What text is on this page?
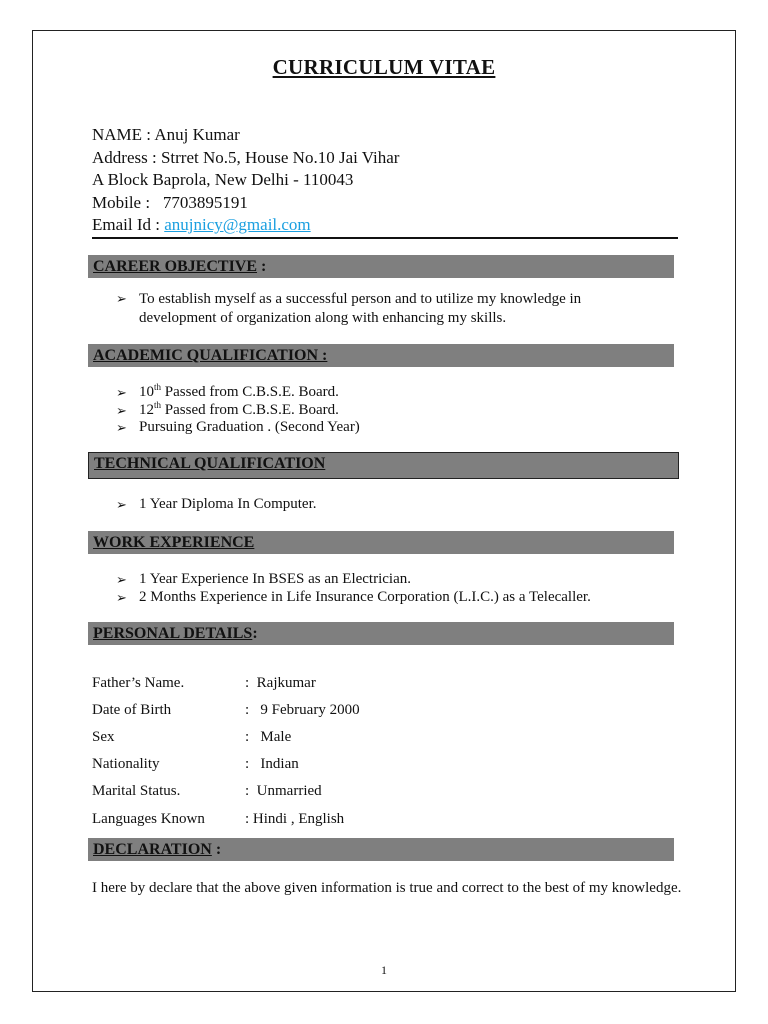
CURRICULUM VITAE
NAME : Anuj Kumar
Address : Strret No.5, House No.10 Jai Vihar
A Block Baprola, New Delhi - 110043
Mobile :   7703895191
Email Id : anujnicy@gmail.com
CAREER OBJECTIVE :
➢ To establish myself as a successful person and to utilize my knowledge in development of organization along with enhancing my skills.
ACADEMIC QUALIFICATION :
➢ 10th Passed from C.B.S.E. Board.
➢ 12th Passed from C.B.S.E. Board.
➢ Pursuing Graduation . (Second Year)
TECHNICAL QUALIFICATION
➢ 1 Year Diploma In Computer.
WORK EXPERIENCE
➢ 1 Year Experience In BSES as an Electrician.
➢ 2 Months Experience in Life Insurance Corporation (L.I.C.) as a Telecaller.
PERSONAL DETAILS:
Father’s Name.	:  Rajkumar
Date of Birth	:   9 February 2000
Sex	:   Male
Nationality	:   Indian
Marital Status.	:  Unmarried
Languages Known	: Hindi , English
DECLARATION :
I here by declare that the above given information is true and correct to the best of my knowledge.
1
